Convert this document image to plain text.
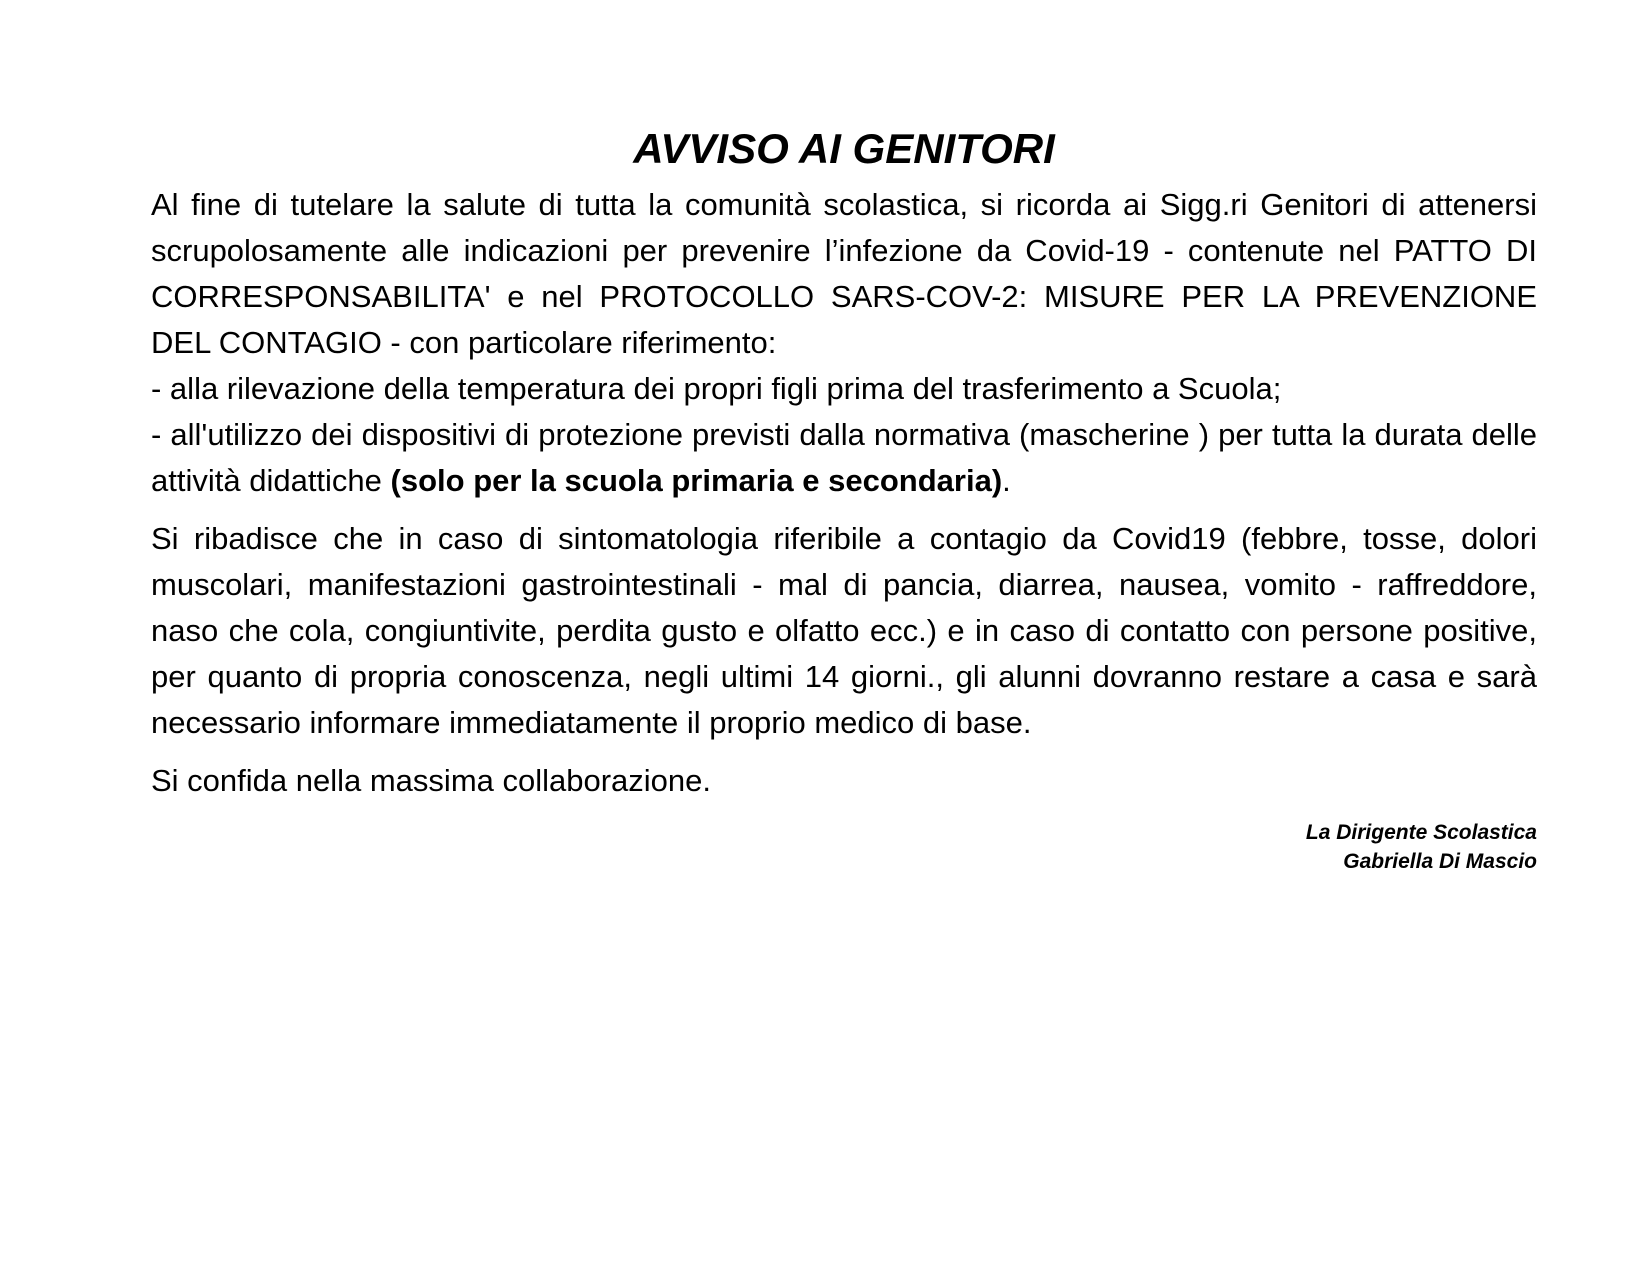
AVVISO AI GENITORI
Al fine di tutelare la salute di tutta la comunità scolastica, si ricorda ai Sigg.ri Genitori di attenersi scrupolosamente alle indicazioni per prevenire l’infezione da Covid-19 - contenute nel PATTO DI CORRESPONSABILITA' e nel PROTOCOLLO SARS-COV-2: MISURE PER LA PREVENZIONE DEL CONTAGIO - con particolare riferimento:
- alla rilevazione della temperatura dei propri figli prima del trasferimento a Scuola;
- all'utilizzo dei dispositivi di protezione previsti dalla normativa (mascherine ) per tutta la durata delle attività didattiche (solo per la scuola primaria e secondaria).

Si ribadisce che in caso di sintomatologia riferibile a contagio da Covid19 (febbre, tosse, dolori muscolari, manifestazioni gastrointestinali - mal di pancia, diarrea, nausea, vomito - raffreddore, naso che cola, congiuntivite, perdita gusto e olfatto ecc.) e in caso di contatto con persone positive, per quanto di propria conoscenza, negli ultimi 14 giorni., gli alunni dovranno restare a casa e sarà necessario informare immediatamente il proprio medico di base.

Si confida nella massima collaborazione.

La Dirigente Scolastica
Gabriella Di Mascio
